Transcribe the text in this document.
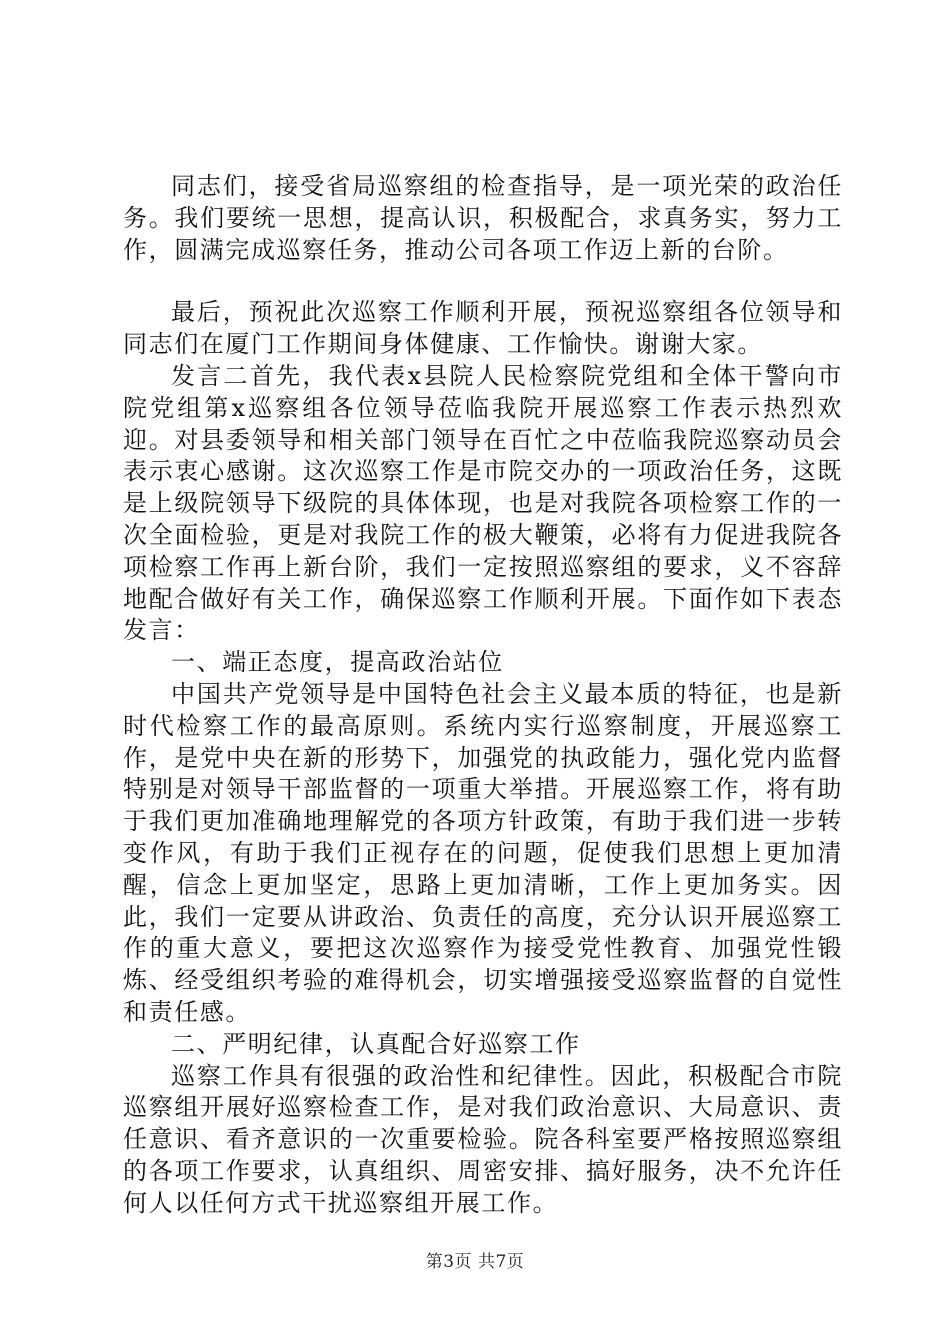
同志们，接受省局巡察组的检查指导，是一项光荣的政治任务。我们要统一思想，提高认识，积极配合，求真务实，努力工作，圆满完成巡察任务，推动公司各项工作迈上新的台阶。

最后，预祝此次巡察工作顺利开展，预祝巡察组各位领导和同志们在厦门工作期间身体健康、工作愉快。谢谢大家。

发言二首先，我代表x县院人民检察院党组和全体干警向市院党组第x巡察组各位领导莅临我院开展巡察工作表示热烈欢迎。对县委领导和相关部门领导在百忙之中莅临我院巡察动员会表示衷心感谢。这次巡察工作是市院交办的一项政治任务，这既是上级院领导下级院的具体体现，也是对我院各项检察工作的一次全面检验，更是对我院工作的极大鞭策，必将有力促进我院各项检察工作再上新台阶，我们一定按照巡察组的要求，义不容辞地配合做好有关工作，确保巡察工作顺利开展。下面作如下表态发言：

一、端正态度，提高政治站位

中国共产党领导是中国特色社会主义最本质的特征，也是新时代检察工作的最高原则。系统内实行巡察制度，开展巡察工作，是党中央在新的形势下，加强党的执政能力，强化党内监督特别是对领导干部监督的一项重大举措。开展巡察工作，将有助于我们更加准确地理解党的各项方针政策，有助于我们进一步转变作风，有助于我们正视存在的问题，促使我们思想上更加清醒，信念上更加坚定，思路上更加清晰，工作上更加务实。因此，我们一定要从讲政治、负责任的高度，充分认识开展巡察工作的重大意义，要把这次巡察作为接受党性教育、加强党性锻炼、经受组织考验的难得机会，切实增强接受巡察监督的自觉性和责任感。

二、严明纪律，认真配合好巡察工作

巡察工作具有很强的政治性和纪律性。因此，积极配合市院巡察组开展好巡察检查工作，是对我们政治意识、大局意识、责任意识、看齐意识的一次重要检验。院各科室要严格按照巡察组的各项工作要求，认真组织、周密安排、搞好服务，决不允许任何人以任何方式干扰巡察组开展工作。

第3页 共7页
